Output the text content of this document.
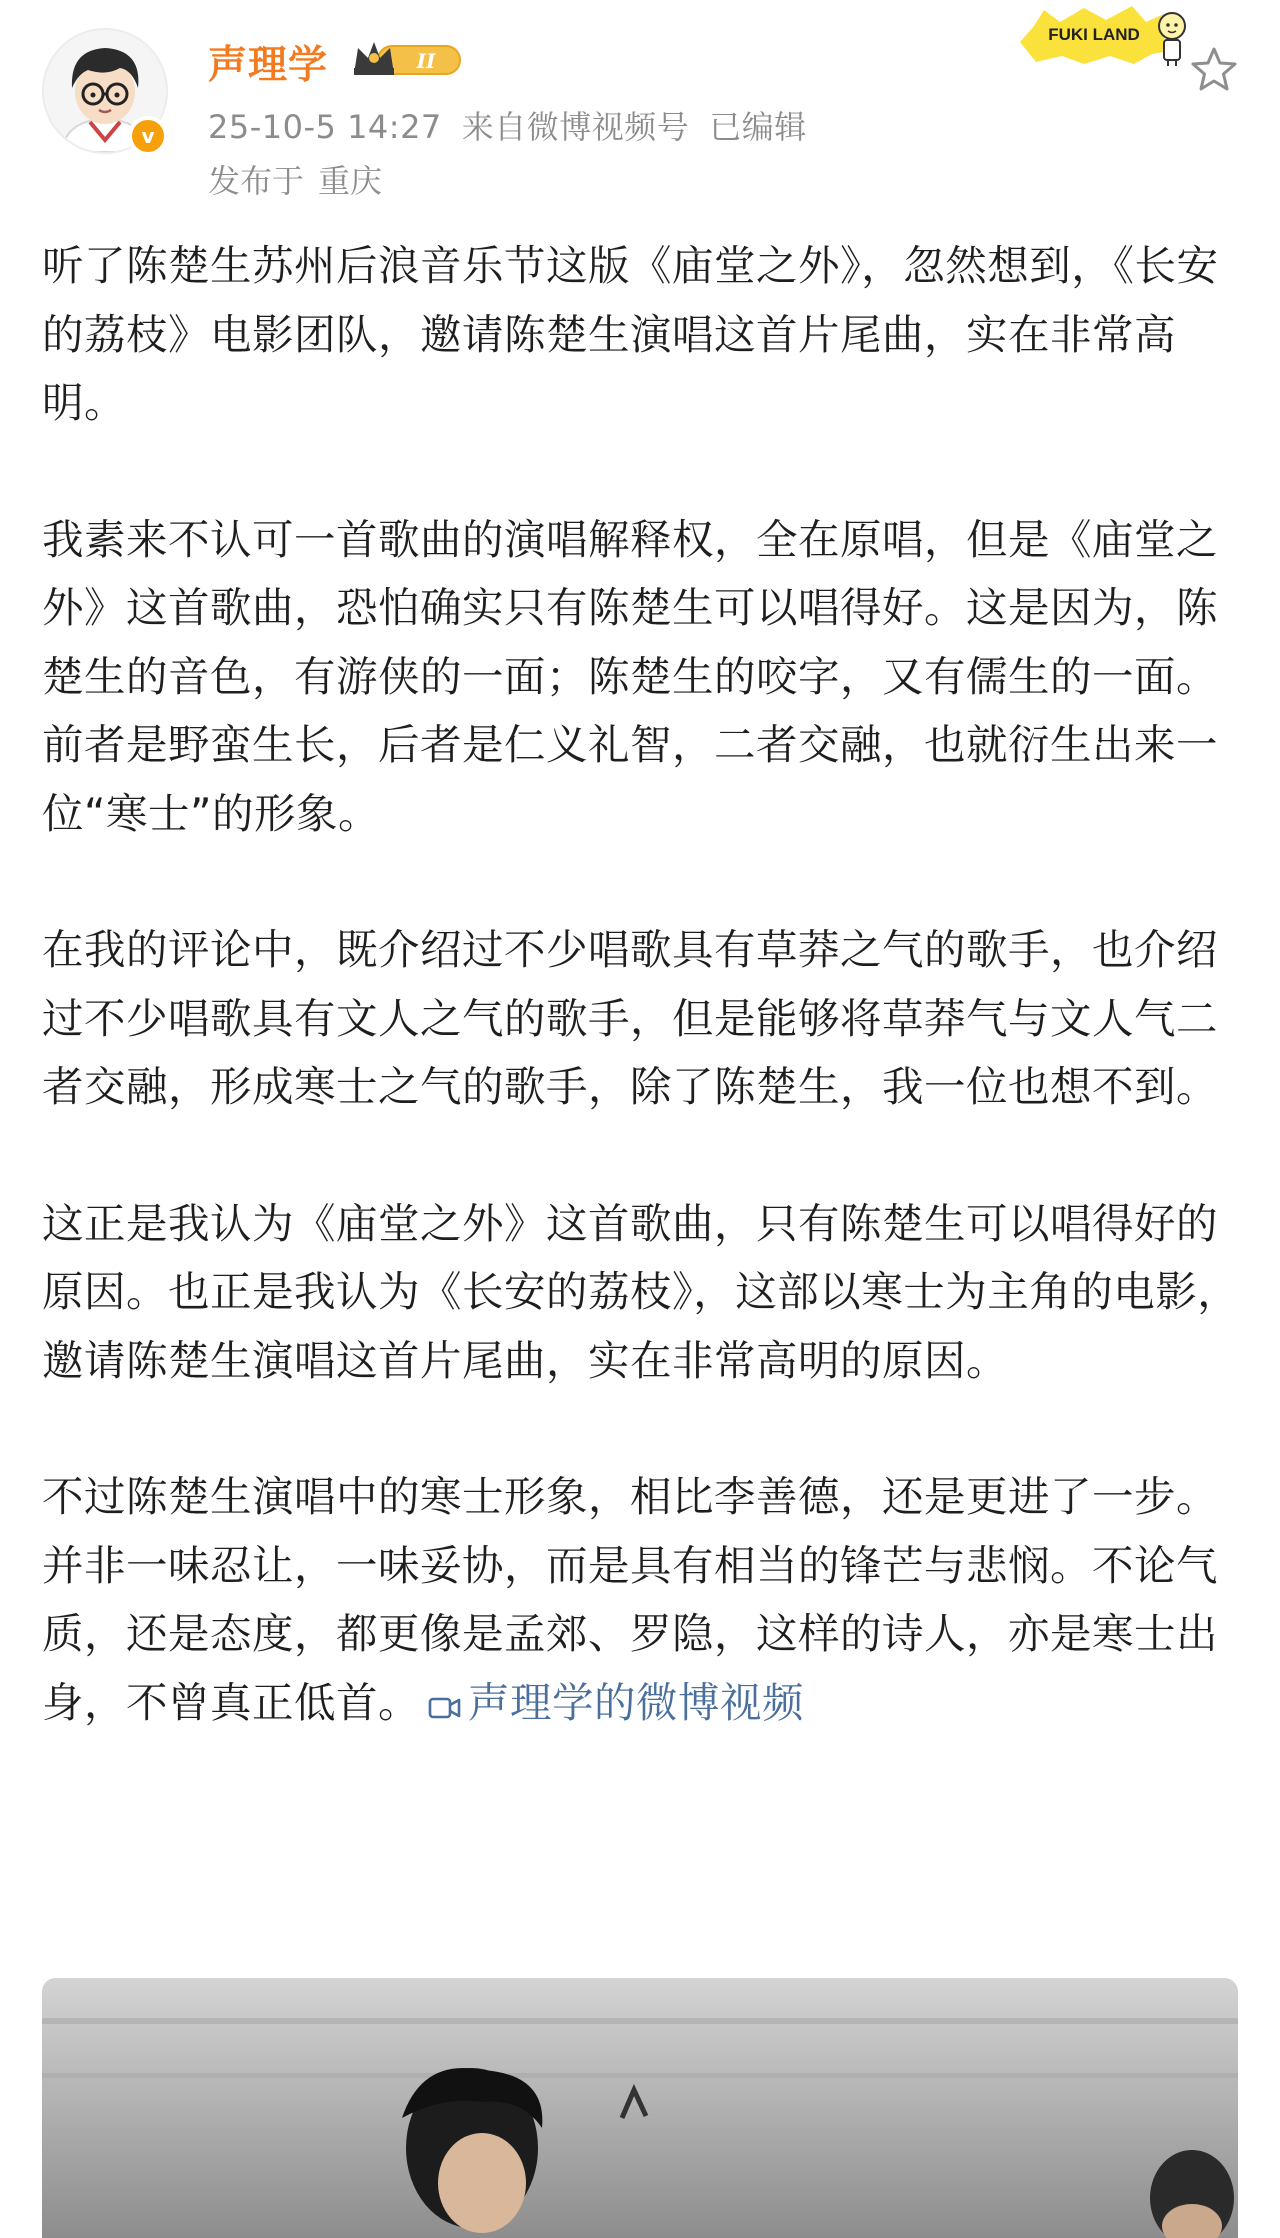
v
声理学	II
25-10-5 14:27 来自微博视频号 已编辑
发布于 重庆
FUKI LAND

听了陈楚生苏州后浪音乐节这版《庙堂之外》，忽然想到，《长安的荔枝》电影团队，邀请陈楚生演唱这首片尾曲，实在非常高明。

我素来不认可一首歌曲的演唱解释权，全在原唱，但是《庙堂之外》这首歌曲，恐怕确实只有陈楚生可以唱得好。这是因为，陈楚生的音色，有游侠的一面；陈楚生的咬字，又有儒生的一面。前者是野蛮生长，后者是仁义礼智，二者交融，也就衍生出来一位“寒士”的形象。

在我的评论中，既介绍过不少唱歌具有草莽之气的歌手，也介绍过不少唱歌具有文人之气的歌手，但是能够将草莽气与文人气二者交融，形成寒士之气的歌手，除了陈楚生，我一位也想不到。

这正是我认为《庙堂之外》这首歌曲，只有陈楚生可以唱得好的原因。也正是我认为《长安的荔枝》，这部以寒士为主角的电影，邀请陈楚生演唱这首片尾曲，实在非常高明的原因。

不过陈楚生演唱中的寒士形象，相比李善德，还是更进了一步。并非一味忍让，一味妥协，而是具有相当的锋芒与悲悯。不论气质，还是态度，都更像是孟郊、罗隐，这样的诗人，亦是寒士出身，不曾真正低首。 声理学的微博视频
